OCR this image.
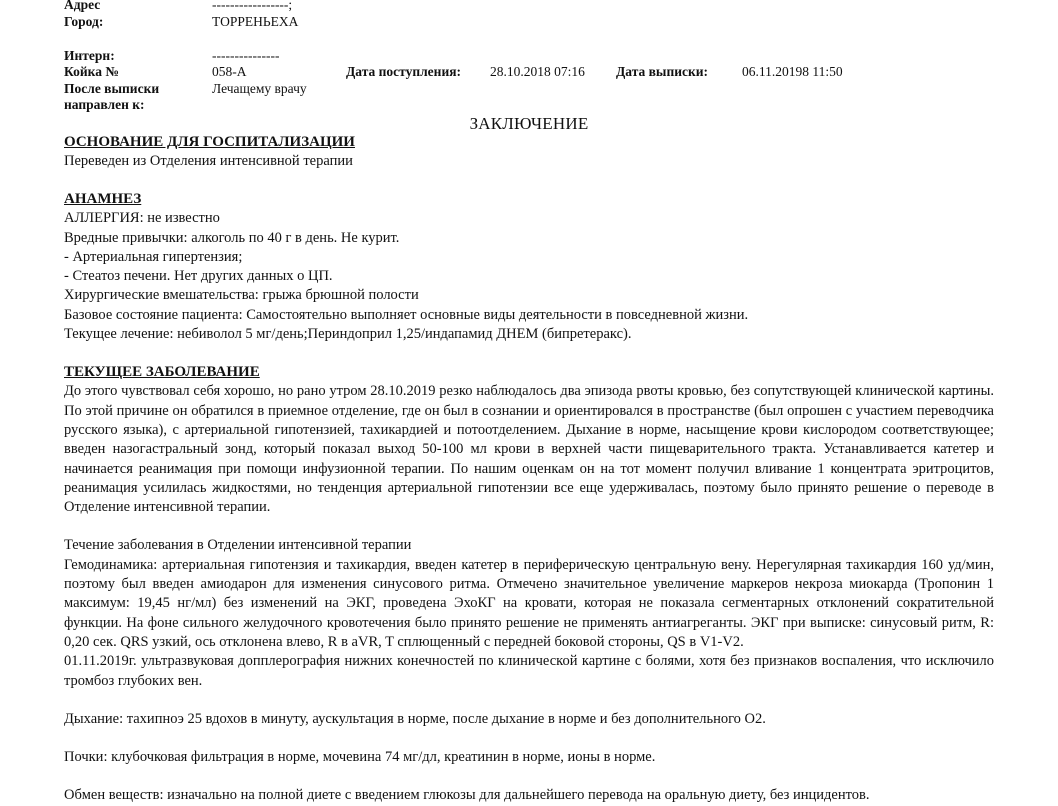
Адрес	-----------------;
Город:	ТОРРЕНЬЕХА
Интерн:	---------------
Койка №	058-А	Дата поступления: 28.10.2018 07:16 Дата выписки:	06.11.20198 11:50
После выписки	Лечащему врачу
направлен к:
ЗАКЛЮЧЕНИЕ

ОСНОВАНИЕ ДЛЯ ГОСПИТАЛИЗАЦИИ

Переведен из Отделения интенсивной терапии

АНАМНЕЗ

АЛЛЕРГИЯ: не известно

Вредные привычки: алкоголь по 40 г в день. Не курит.

- Артериальная гипертензия;

- Стеатоз печени. Нет других данных о ЦП.

Хирургические вмешательства: грыжа брюшной полости

Базовое состояние пациента: Самостоятельно выполняет основные виды деятельности в повседневной жизни.

Текущее лечение: небиволол 5 мг/день;Периндоприл 1,25/индапамид ДНЕМ (бипретеракс).

ТЕКУЩЕЕ ЗАБОЛЕВАНИЕ

До этого чувствовал себя хорошо, но рано утром 28.10.2019 резко наблюдалось два эпизода рвоты кровью, без сопутствующей клинической картины. По этой причине он обратился в приемное отделение, где он был в сознании и ориентировался в пространстве (был опрошен с участием переводчика русского языка), с артериальной гипотензией, тахикардией и потоотделением. Дыхание в норме, насыщение крови кислородом соответствующее; введен назогастральный зонд, который показал выход 50-100 мл крови в верхней части пищеварительного тракта. Устанавливается катетер и начинается реанимация при помощи инфузионной терапии. По нашим оценкам он на тот момент получил вливание 1 концентрата эритроцитов, реанимация усилилась жидкостями, но тенденция артериальной гипотензии все еще удерживалась, поэтому было принято решение о переводе в Отделение интенсивной терапии.

Течение заболевания в Отделении интенсивной терапии

Гемодинамика: артериальная гипотензия и тахикардия, введен катетер в периферическую центральную вену. Нерегулярная тахикардия 160 уд/мин, поэтому был введен амиодарон для изменения синусового ритма. Отмечено значительное увеличение маркеров некроза миокарда (Тропонин 1 максимум: 19,45 нг/мл) без изменений на ЭКГ, проведена ЭхоКГ на кровати, которая не показала сегментарных отклонений сократительной функции. На фоне сильного желудочного кровотечения было принято решение не применять антиагреганты. ЭКГ при выписке: синусовый ритм, R: 0,20 сек. QRS узкий, ось отклонена влево, R в aVR, T сплющенный с передней боковой стороны, QS в V1-V2.

01.11.2019г. ультразвуковая допплерография нижних конечностей по клинической картине с болями, хотя без признаков воспаления, что исключило тромбоз глубоких вен.

Дыхание: тахипноэ 25 вдохов в минуту, аускультация в норме, после дыхание в норме и без дополнительного О2.

Почки: клубочковая фильтрация в норме, мочевина 74 мг/дл, креатинин в норме, ионы в норме.

Обмен веществ: изначально на полной диете с введением глюкозы для дальнейшего перевода на оральную диету, без инцидентов.
